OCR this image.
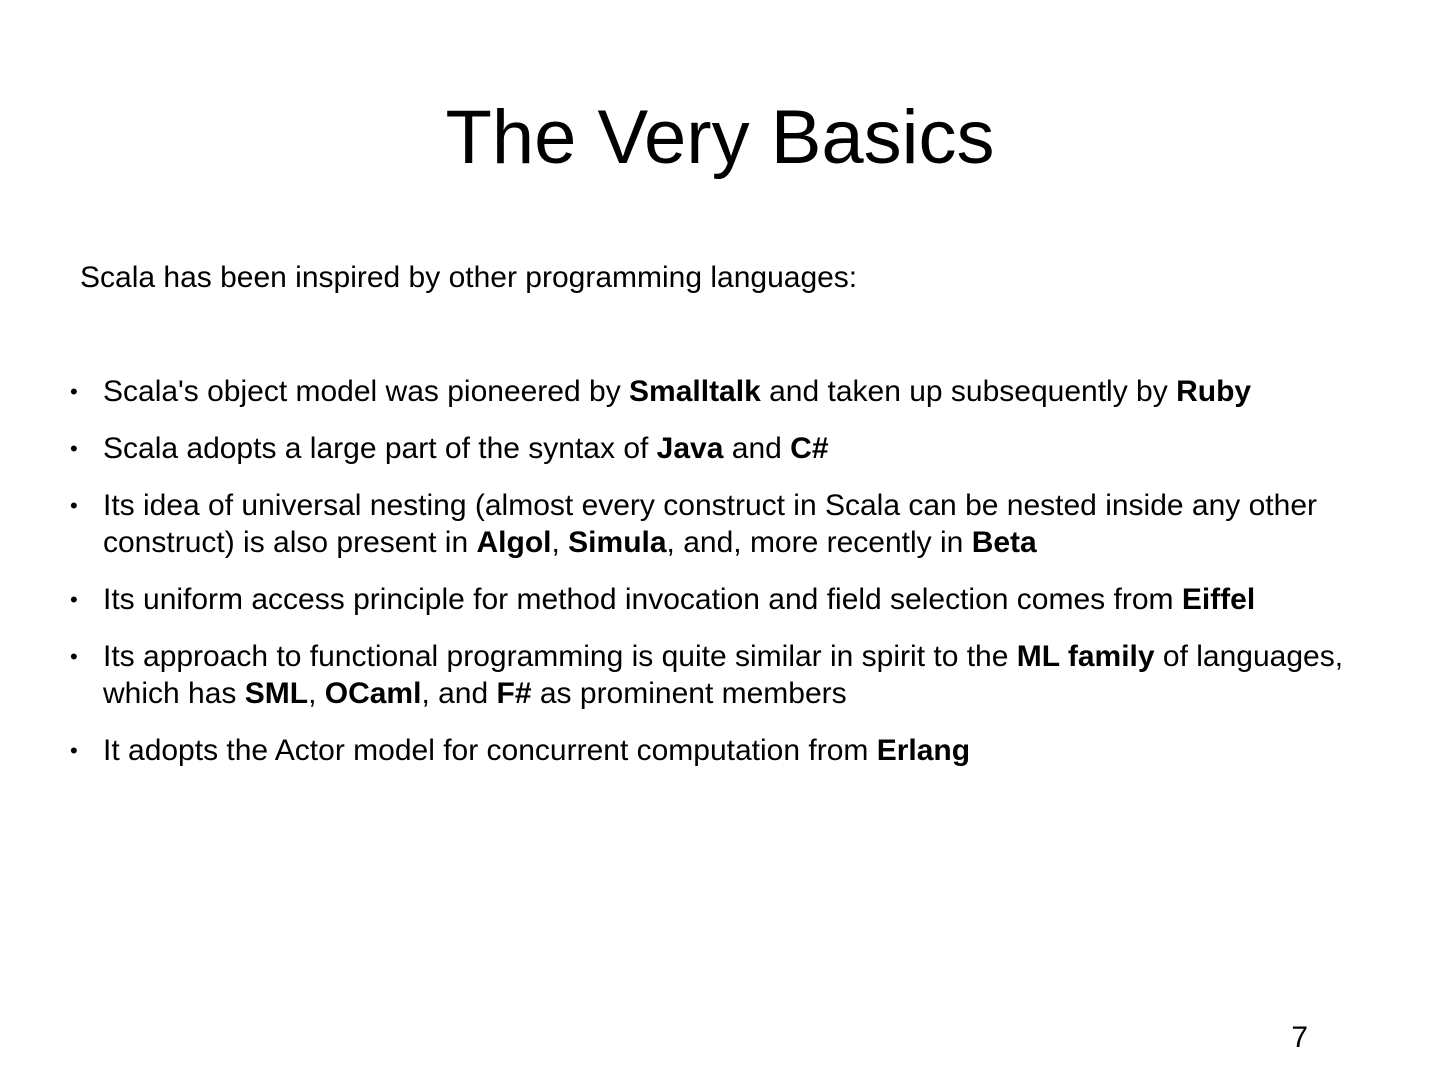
The Very Basics

Scala has been inspired by other programming languages:

• Scala's object model was pioneered by Smalltalk and taken up subsequently by Ruby
• Scala adopts a large part of the syntax of Java and C#
• Its idea of universal nesting (almost every construct in Scala can be nested inside any other construct) is also present in Algol, Simula, and, more recently in Beta
• Its uniform access principle for method invocation and field selection comes from Eiffel
• Its approach to functional programming is quite similar in spirit to the ML family of languages, which has SML, OCaml, and F# as prominent members
• It adopts the Actor model for concurrent computation from Erlang
7
